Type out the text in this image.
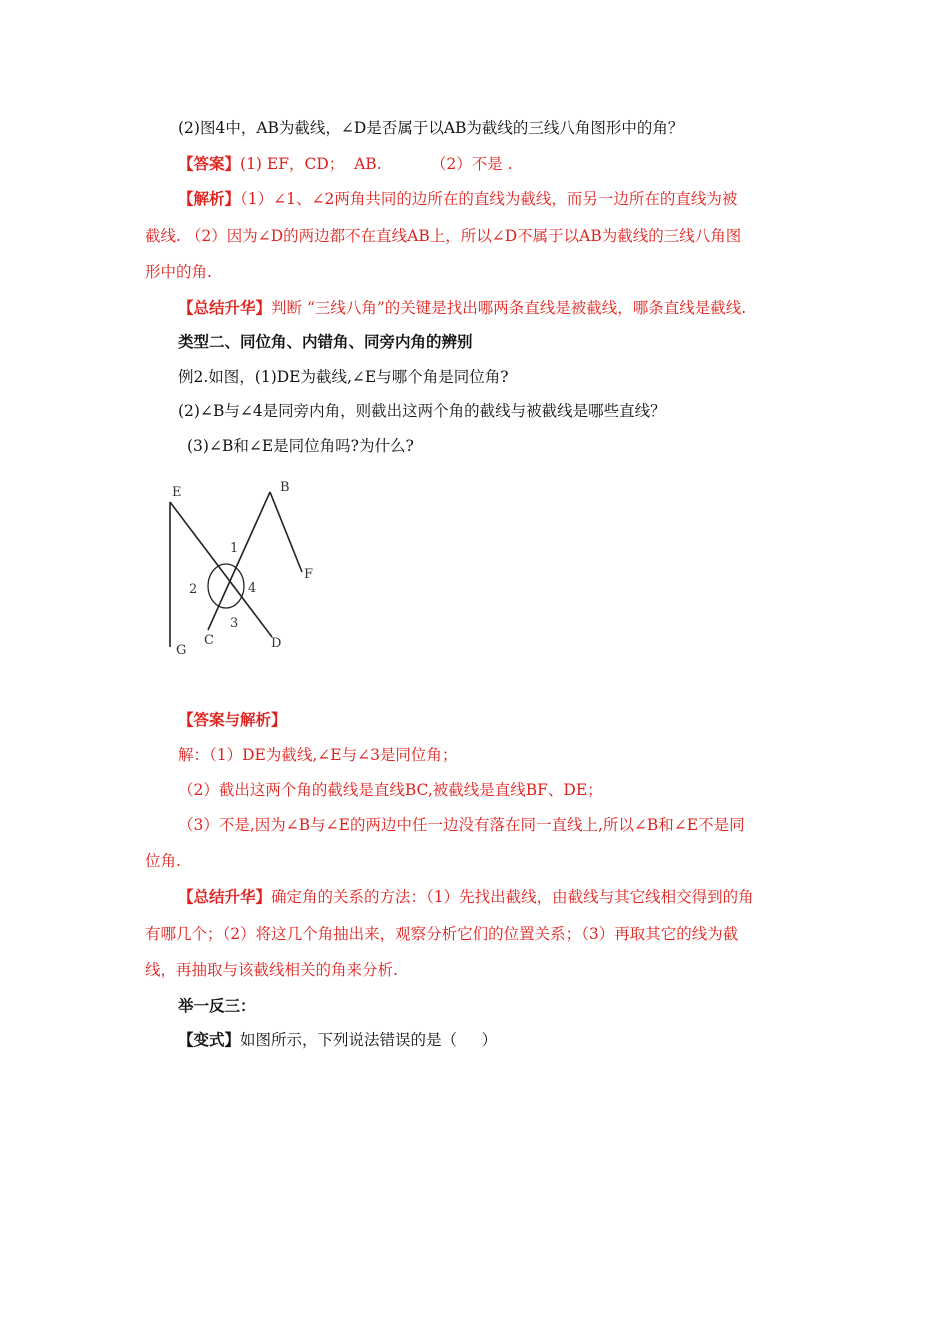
(2)图4中，AB为截线，∠D是否属于以AB为截线的三线八角图形中的角？
【答案】(1) EF，CD；  AB.          （2）不是 .
【解析】（1）∠1、∠2两角共同的边所在的直线为截线，而另一边所在的直线为被
截线. （2）因为∠D的两边都不在直线AB上，所以∠D不属于以AB为截线的三线八角图
形中的角.
【总结升华】判断 “三线八角”的关键是找出哪两条直线是被截线，哪条直线是截线.
类型二、同位角、内错角、同旁内角的辨别
例2.如图，(1)DE为截线,∠E与哪个角是同位角?
(2)∠B与∠4是同旁内角，则截出这两个角的截线与被截线是哪些直线？
(3)∠B和∠E是同位角吗?为什么?
E	B
F
G
C	D
1
2
3
4
【答案与解析】
解：（1）DE为截线,∠E与∠3是同位角；
（2）截出这两个角的截线是直线BC,被截线是直线BF、DE；
（3）不是,因为∠B与∠E的两边中任一边没有落在同一直线上,所以∠B和∠E不是同
位角.
【总结升华】确定角的关系的方法：（1）先找出截线，由截线与其它线相交得到的角
有哪几个；（2）将这几个角抽出来，观察分析它们的位置关系；（3）再取其它的线为截
线，再抽取与该截线相关的角来分析.
举一反三：
【变式】如图所示，下列说法错误的是（     ）
